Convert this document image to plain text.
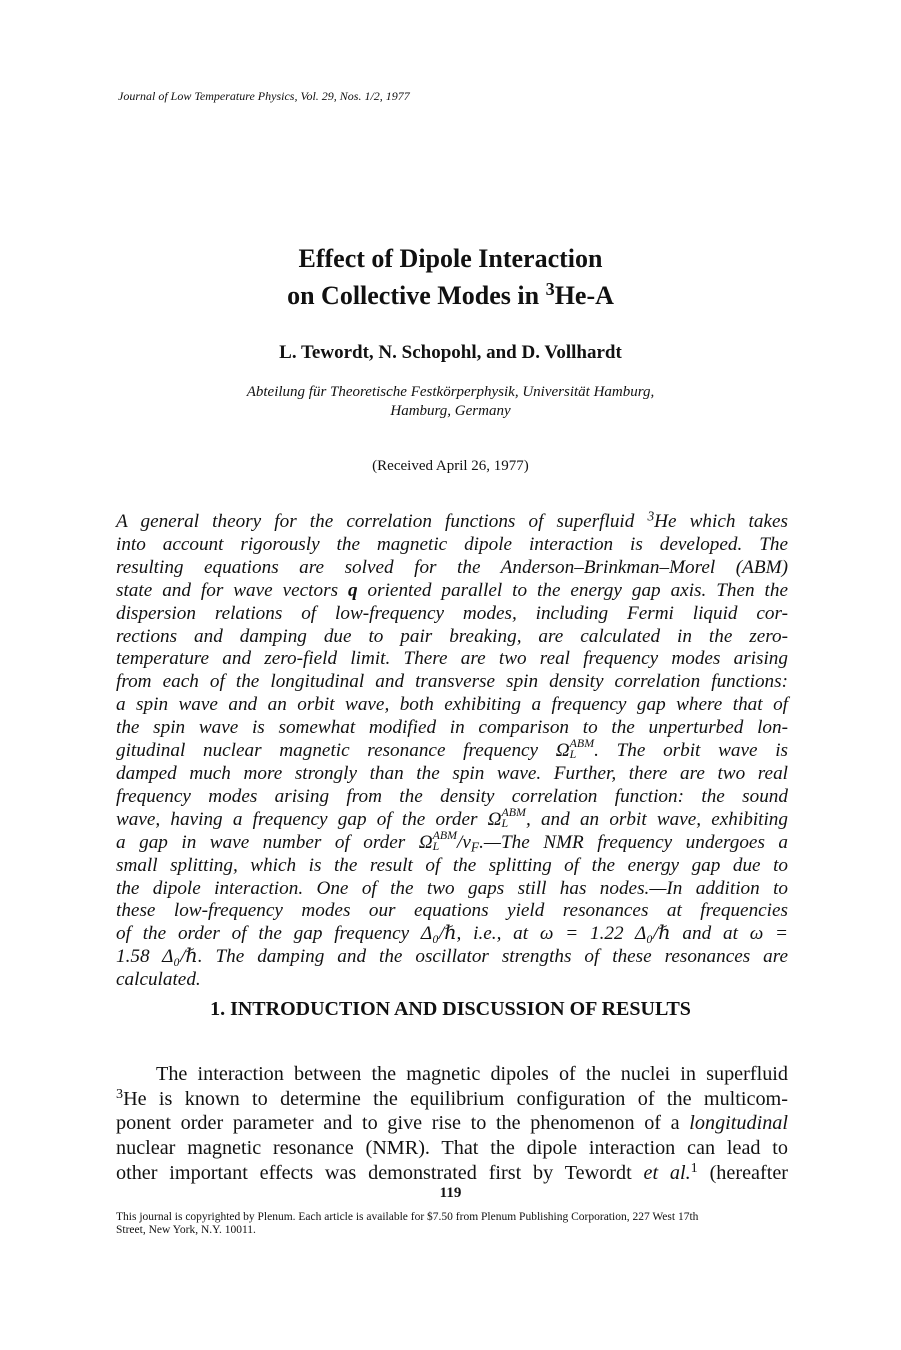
Journal of Low Temperature Physics, Vol. 29, Nos. 1/2, 1977
Effect of Dipole Interaction
on Collective Modes in $^3$He-A
L. Tewordt, N. Schopohl, and D. Vollhardt
Abteilung für Theoretische Festkörperphysik, Universität Hamburg,
Hamburg, Germany
(Received April 26, 1977)
A general theory for the correlation functions of superfluid $^3$He which takes
into account rigorously the magnetic dipole interaction is developed. The
resulting equations are solved for the Anderson–Brinkman–Morel (ABM)
state and for wave vectors q oriented parallel to the energy gap axis. Then the
dispersion relations of low-frequency modes, including Fermi liquid cor-
rections and damping due to pair breaking, are calculated in the zero-
temperature and zero-field limit. There are two real frequency modes arising
from each of the longitudinal and transverse spin density correlation functions:
a spin wave and an orbit wave, both exhibiting a frequency gap where that of
the spin wave is somewhat modified in comparison to the unperturbed lon-
gitudinal nuclear magnetic resonance frequency Ω ABM
L . The orbit wave is
damped much more strongly than the spin wave. Further, there are two real
frequency modes arising from the density correlation function: the sound
wave, having a frequency gap of the order Ω ABM
L , and an orbit wave, exhibiting
a gap in wave number of order Ω ABM
L $/v_F.—The$ NMR frequency undergoes a
small splitting, which is the result of the splitting of the energy gap due to
the dipole interaction. One of the two gaps still has nodes.—In addition to
these low-frequency modes our equations yield resonances at frequencies
of the order of the gap frequency Δ₀/ℏ, i.e., at ω = 1.22 Δ₀/ℏ and at ω =
1.58 Δ₀/ℏ. The damping and the oscillator strengths of these resonances are
calculated.
1. INTRODUCTION AND DISCUSSION OF RESULTS
The interaction between the magnetic dipoles of the nuclei in superfluid
$^3$He is known to determine the equilibrium configuration of the multicom-
ponent order parameter and to give rise to the phenomenon of a longitudinal
nuclear magnetic resonance (NMR). That the dipole interaction can lead to
other important effects was demonstrated first by Tewordt et al.$^1$ (hereafter
119
This journal is copyrighted by Plenum. Each article is available for $7.50 from Plenum Publishing Corporation, 227 West 17th
Street, New York, N.Y. 10011.
